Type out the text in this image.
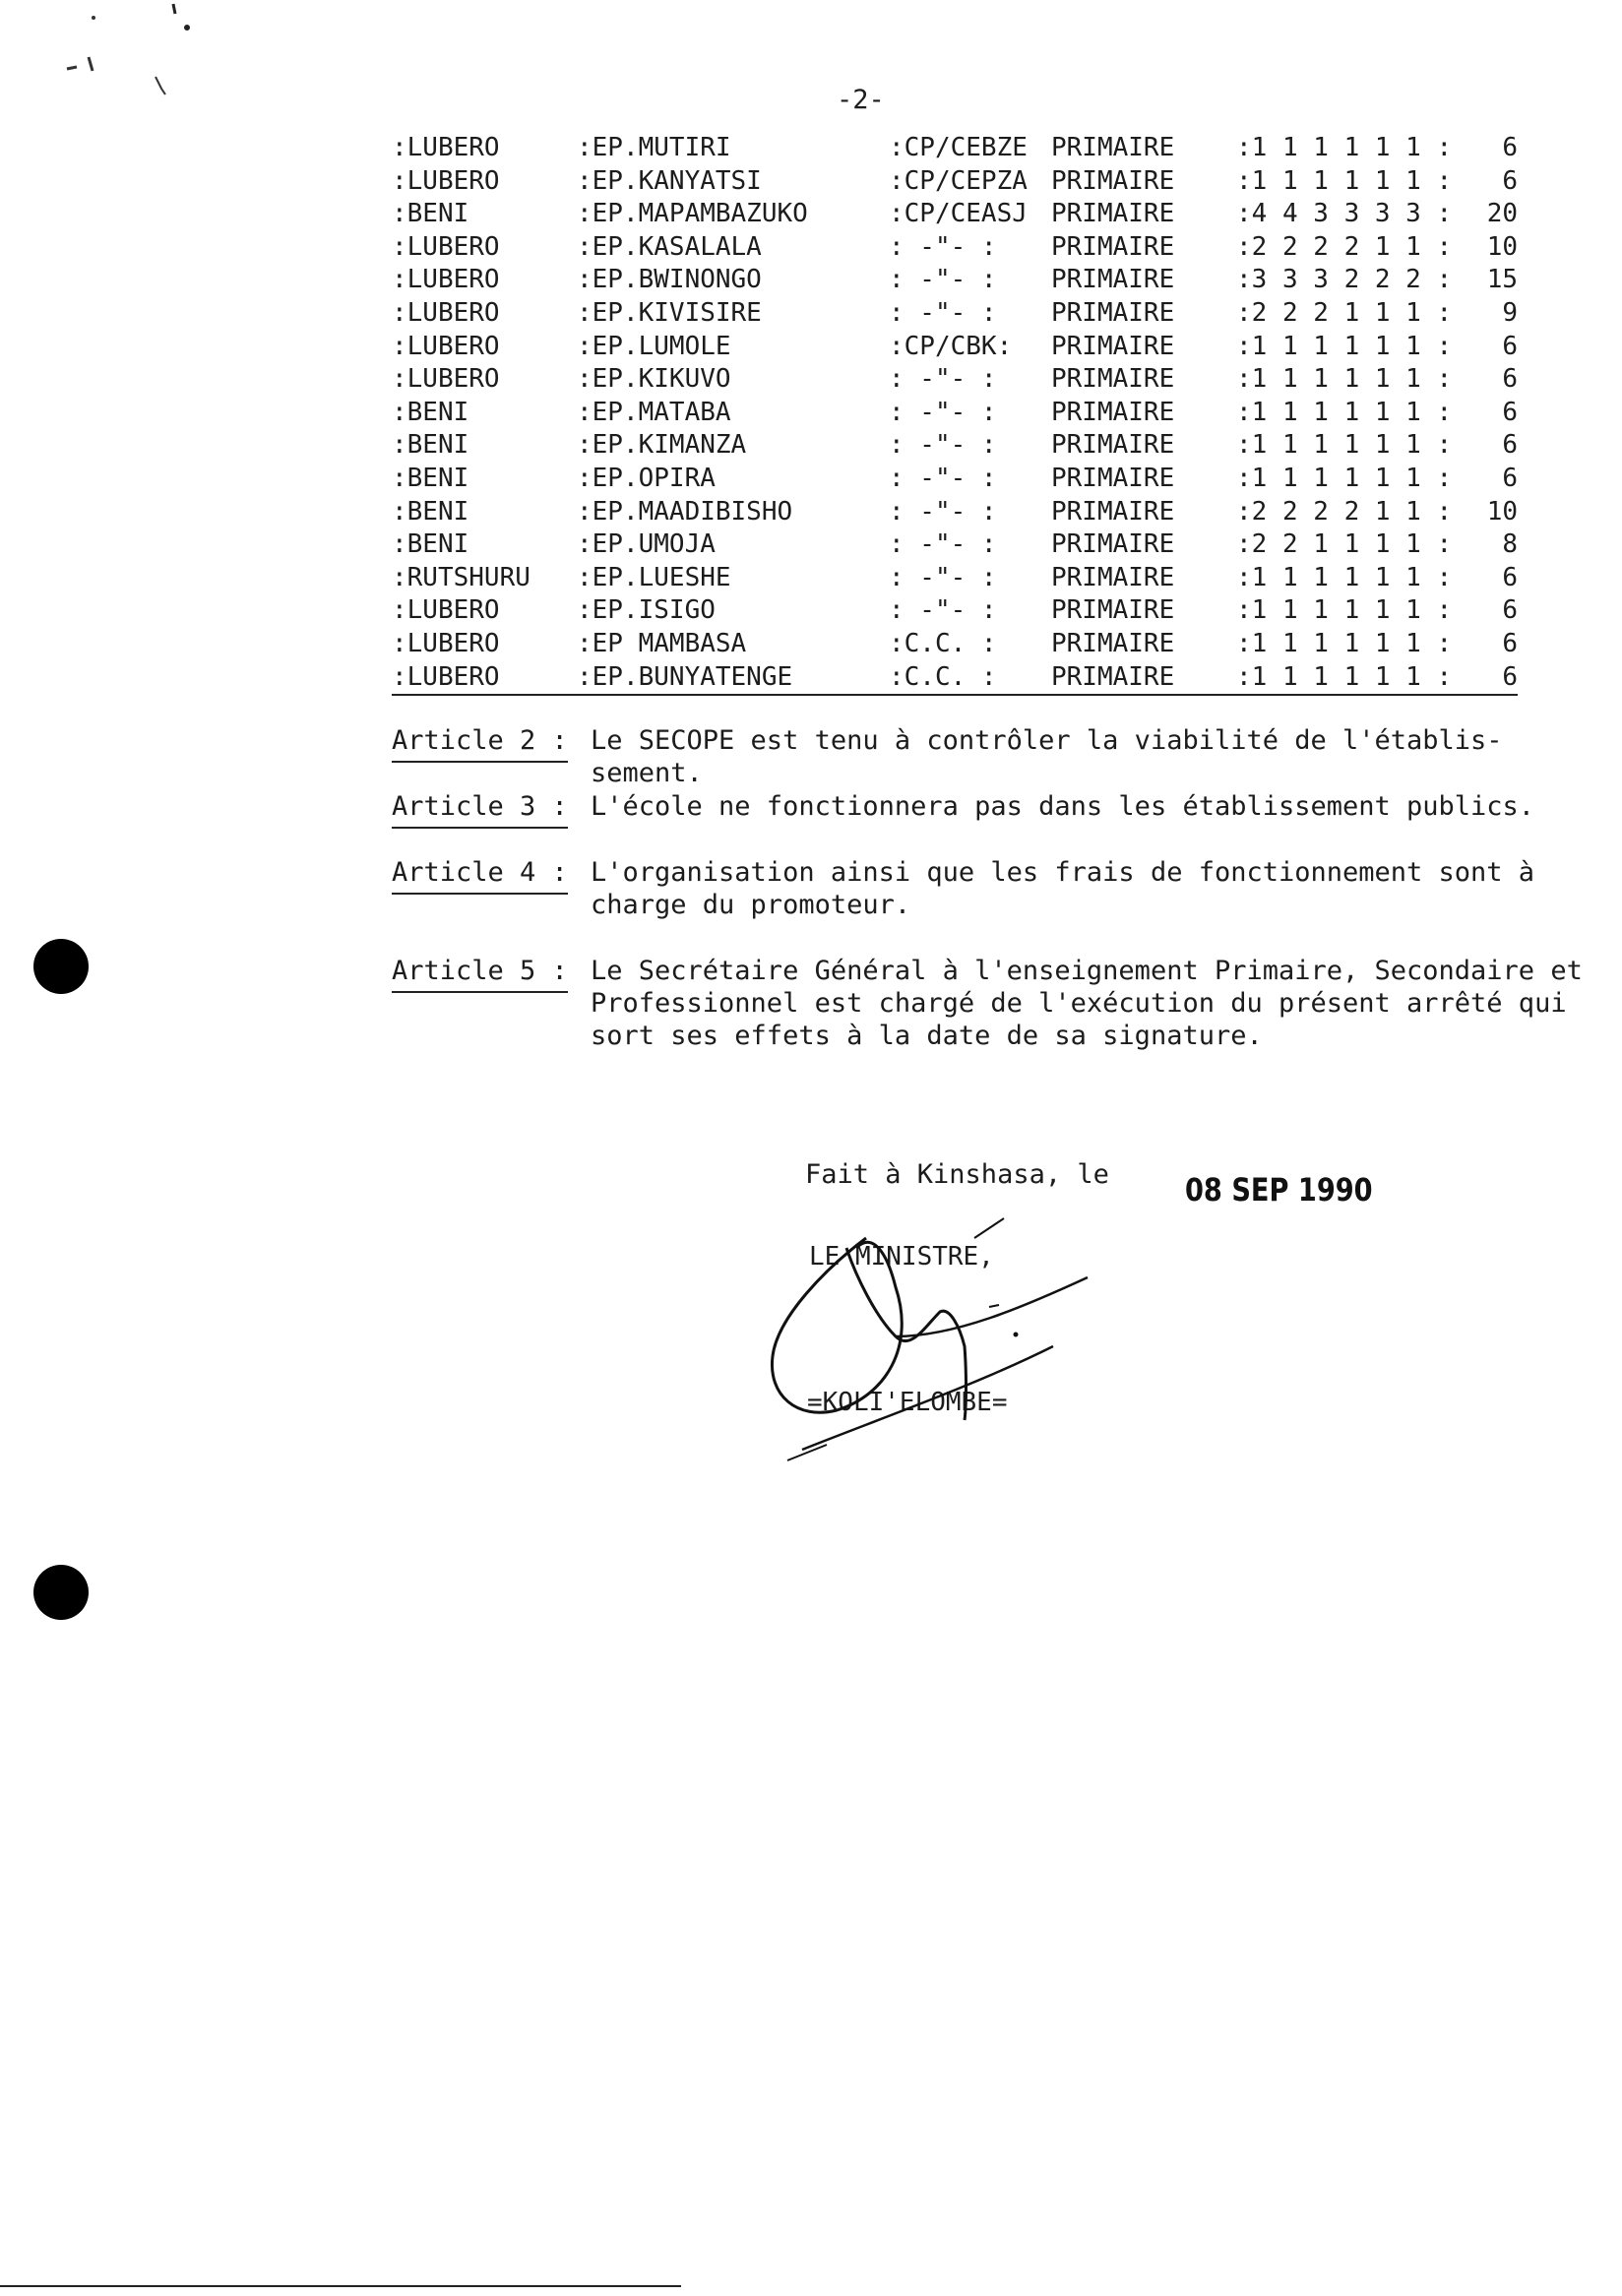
-2-
:LUBERO	:EP.MUTIRI	:CP/CEBZE PRIMAIRE :1 1 1 1 1 1 : 6
:LUBERO	:EP.KANYATSI	:CP/CEPZA PRIMAIRE :1 1 1 1 1 1 : 6
:BENI	:EP.MAPAMBAZUKO	:CP/CEASJ PRIMAIRE :4 4 3 3 3 3 : 20
:LUBERO	:EP.KASALALA	: -"- : PRIMAIRE :2 2 2 2 1 1 : 10
:LUBERO	:EP.BWINONGO	: -"- : PRIMAIRE :3 3 3 2 2 2 : 15
:LUBERO	:EP.KIVISIRE	: -"- : PRIMAIRE :2 2 2 1 1 1 : 9
:LUBERO	:EP.LUMOLE	:CP/CBK: PRIMAIRE :1 1 1 1 1 1 : 6
:LUBERO	:EP.KIKUVO	: -"- : PRIMAIRE :1 1 1 1 1 1 : 6
:BENI	:EP.MATABA	: -"- : PRIMAIRE :1 1 1 1 1 1 : 6
:BENI	:EP.KIMANZA	: -"- : PRIMAIRE :1 1 1 1 1 1 : 6
:BENI	:EP.OPIRA	: -"- : PRIMAIRE :1 1 1 1 1 1 : 6
:BENI	:EP.MAADIBISHO	: -"- : PRIMAIRE :2 2 2 2 1 1 : 10
:BENI	:EP.UMOJA	: -"- : PRIMAIRE :2 2 1 1 1 1 : 8
:RUTSHURU :EP.LUESHE	: -"- : PRIMAIRE :1 1 1 1 1 1 : 6
:LUBERO	:EP.ISIGO	: -"- : PRIMAIRE :1 1 1 1 1 1 : 6
:LUBERO	:EP MAMBASA	:C.C. : PRIMAIRE :1 1 1 1 1 1 : 6
:LUBERO	:EP.BUNYATENGE	:C.C. : PRIMAIRE :1 1 1 1 1 1 : 6
Article 2 : Le SECOPE est tenu à contrôler la viabilité de l'établis- sement.
Article 3 : L'école ne fonctionnera pas dans les établissement publics.
Article 4 : L'organisation ainsi que les frais de fonctionnement sont à charge du promoteur.
Article 5 : Le Secrétaire Général à l'enseignement Primaire, Secondaire et Professionnel est chargé de l'exécution du présent arrêté qui sort ses effets à la date de sa signature.
Fait à Kinshasa, le 08 SEP 1990
LE MINISTRE,
=KOLI'ELOMBE=
